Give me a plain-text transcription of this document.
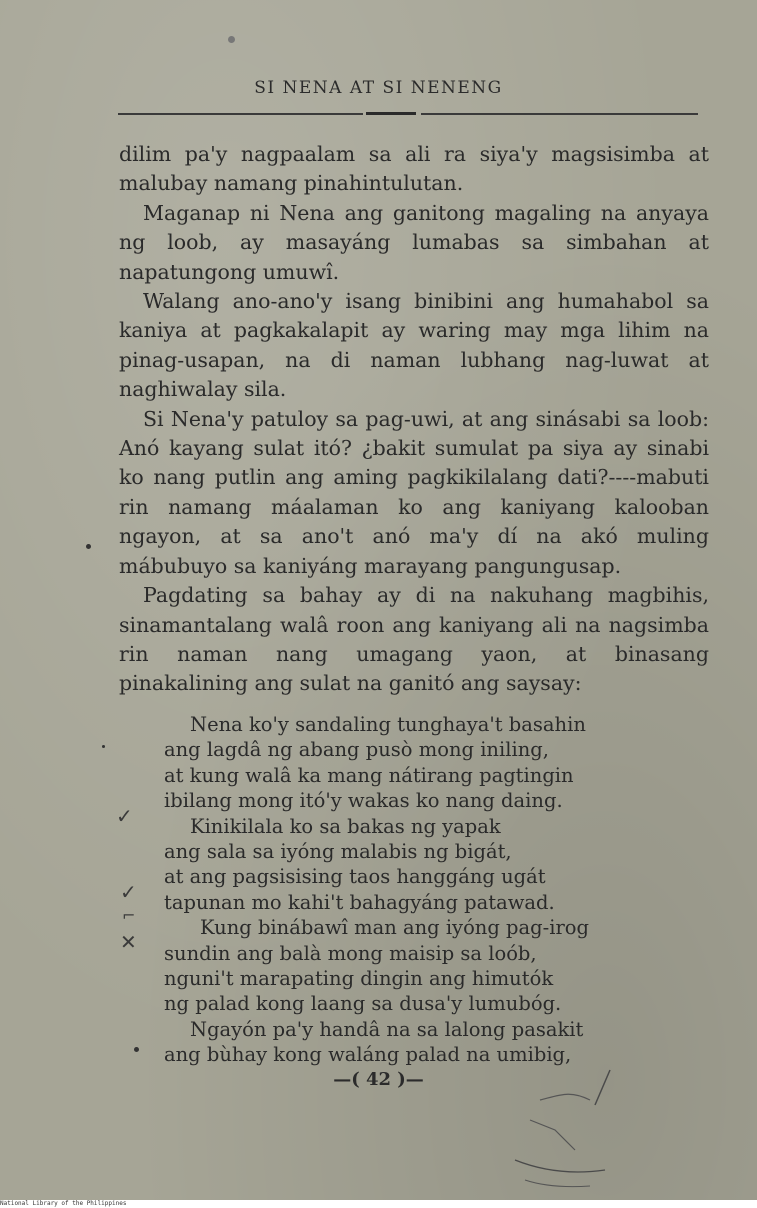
SI NENA AT SI NENENG

dilim pa'y nagpaalam sa ali ra siya'y magsisimba at malubay namang pinahintulutan.

Maganap ni Nena ang ganitong magaling na anyaya ng loob, ay masayáng lumabas sa simbahan at napatungong umuwî.

Walang ano-ano'y isang binibini ang humahabol sa kaniya at pagkakalapit ay waring may mga lihim na pinag-usapan, na di naman lubhang nag-luwat at naghiwalay sila.

Si Nena'y patuloy sa pag-uwi, at ang sinásabi sa loob: Anó kayang sulat itó? ¿bakit sumulat pa siya ay sinabi ko nang putlin ang aming pagkikilalang dati?----mabuti rin namang máalaman ko ang kaniyang kalooban ngayon, at sa ano't anó ma'y dí na akó muling mábubuyo sa kaniyáng marayang pangungusap.

Pagdating sa bahay ay di na nakuhang magbihis, sinamantalang walâ roon ang kaniyang ali na nagsimba rin naman nang umagang yaon, at binasang pinakalining ang sulat na ganitó ang saysay:

Nena ko'y sandaling tunghaya't basahin
ang lagdâ ng abang pusò mong iniling,
at kung walâ ka mang nátirang pagtingin
ibilang mong itó'y wakas ko nang daing.
Kinikilala ko sa bakas ng yapak
ang sala sa iyóng malabis ng bigát,
at ang pagsisising taos hanggáng ugát
tapunan mo kahi't bahagyáng patawad.
Kung binábawî man ang iyóng pag-irog
sundin ang balà mong maisip sa loób,
nguni't marapating dingin ang himutók
ng palad kong laang sa dusa'y lumubóg.
Ngayón pa'y handâ na sa lalong pasakit
ang bùhay kong waláng palad na umibig,
✓
✓
⌐
✕
—( 42 )—
National Library of the Philippines
